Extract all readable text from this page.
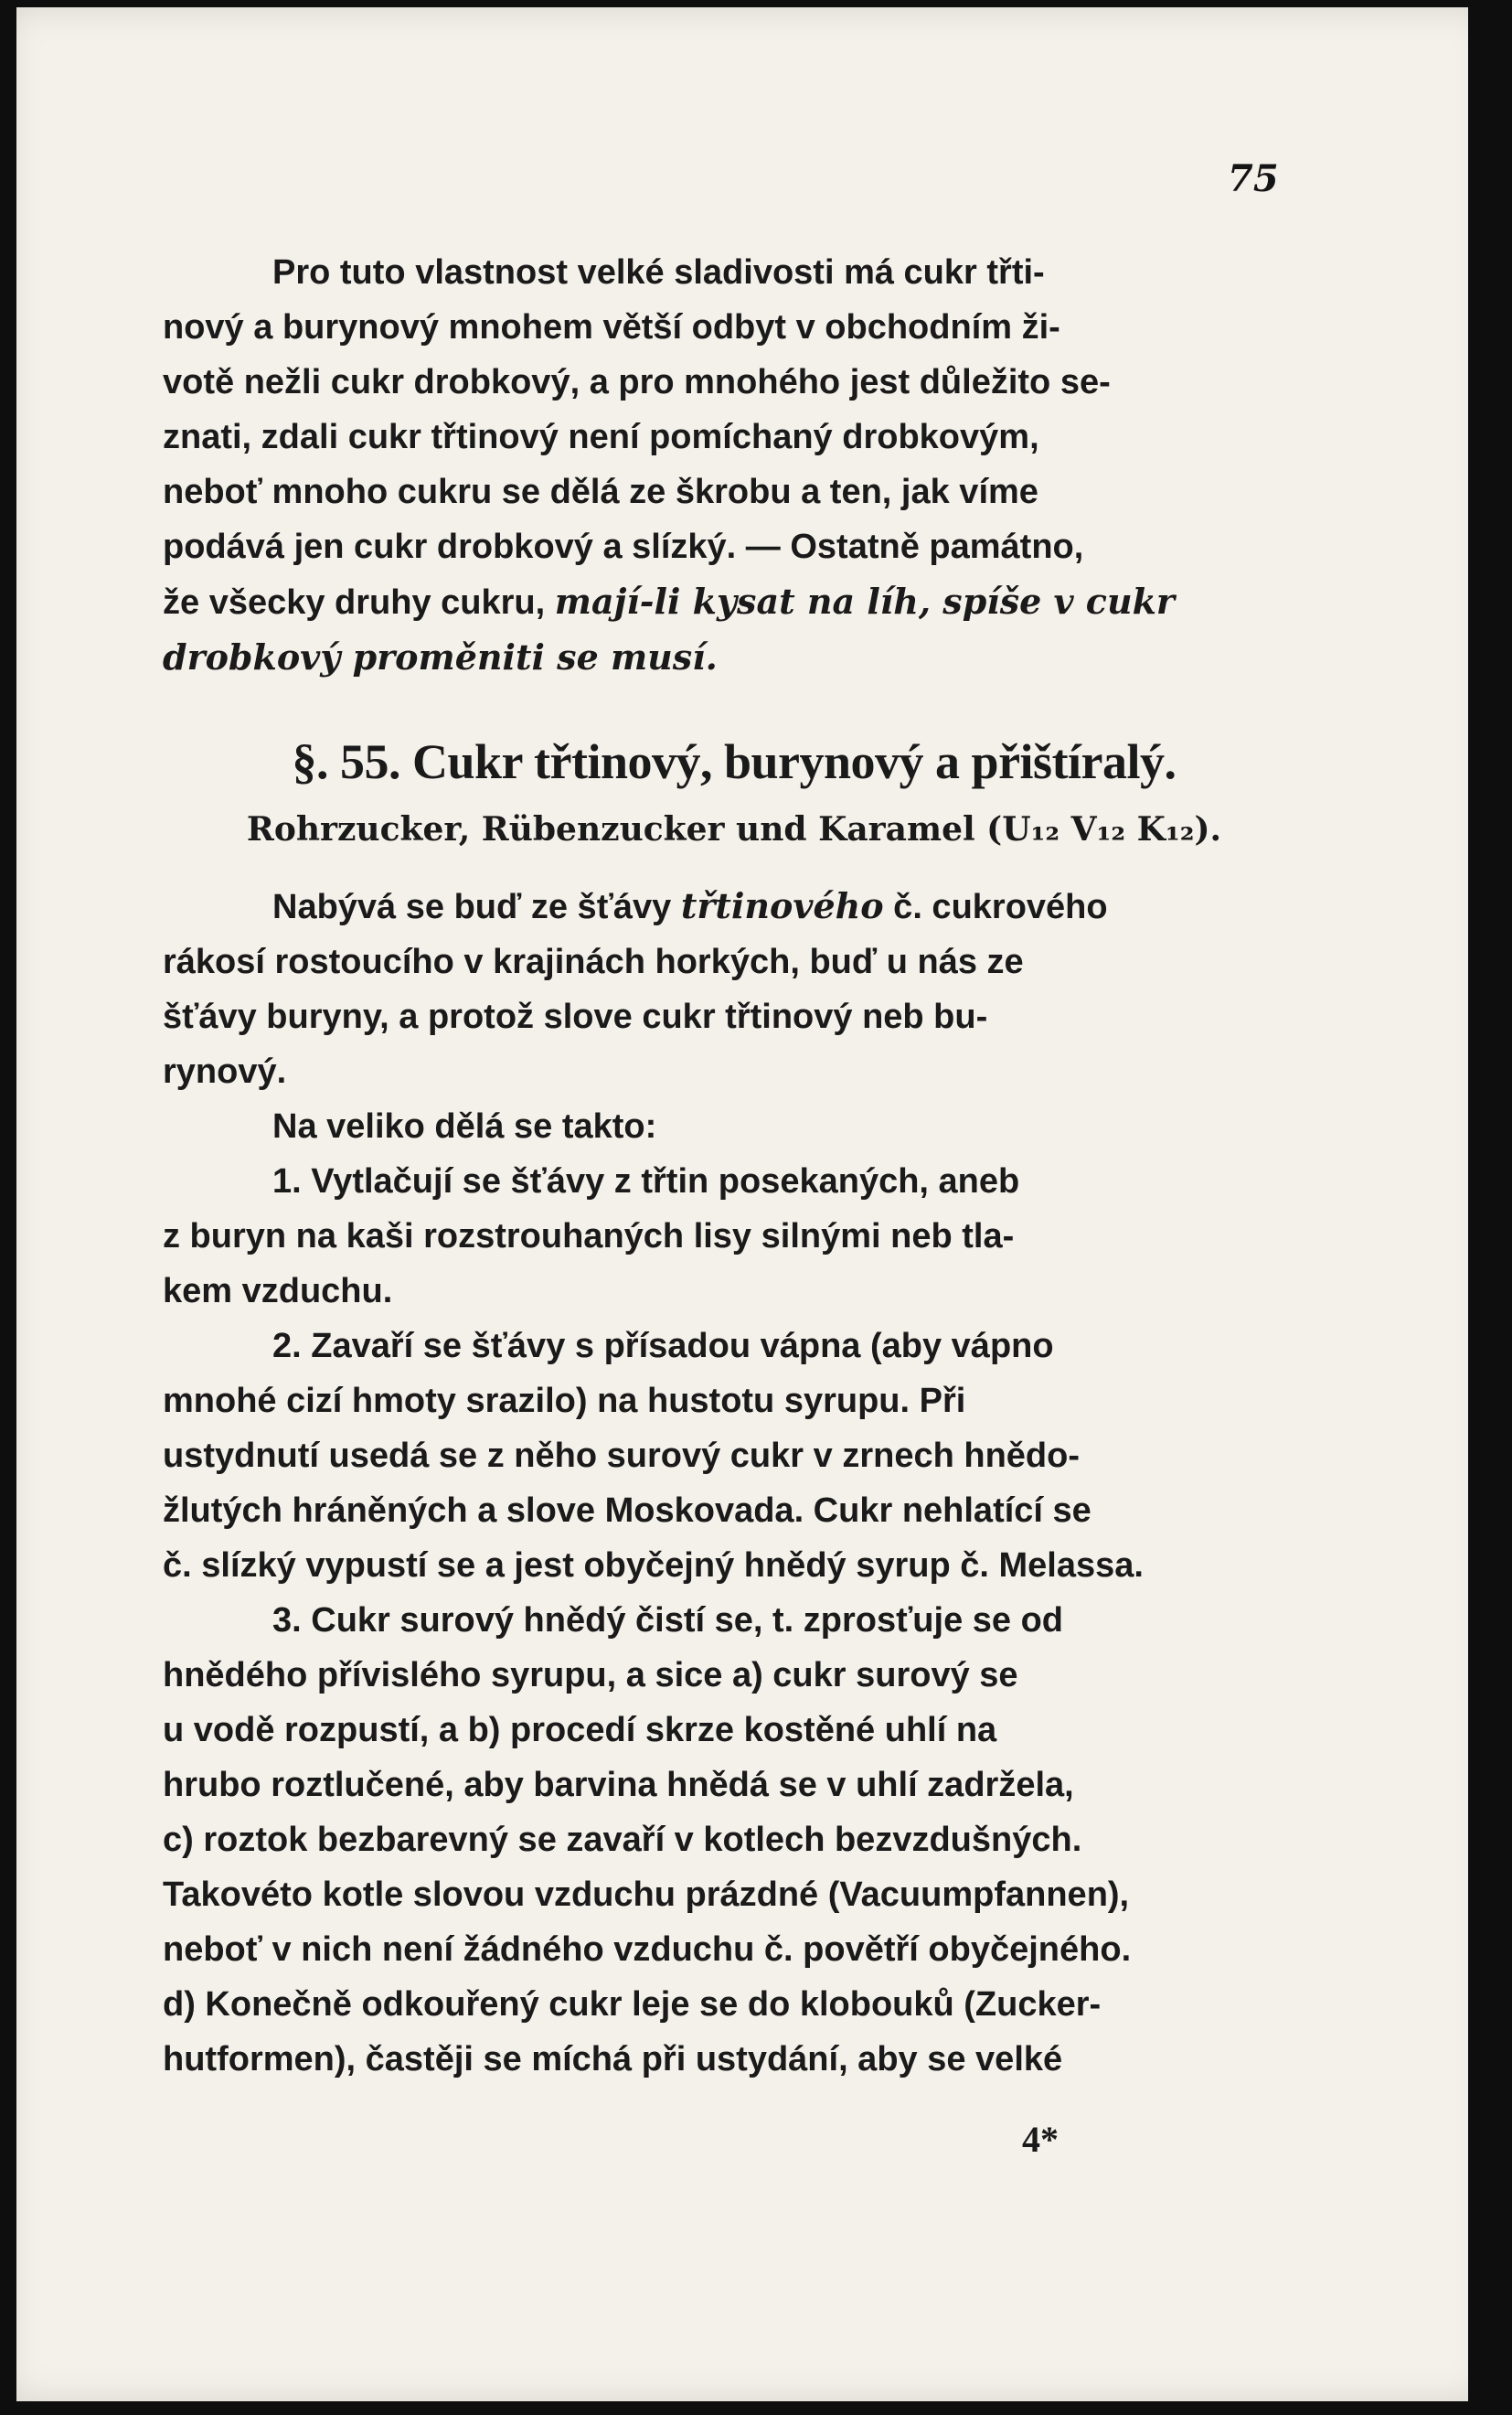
75
Pro tuto vlastnost velké sladivosti má cukr třti-
nový a burynový mnohem větší odbyt v obchodním ži-
votě nežli cukr drobkový, a pro mnohého jest důležito se-
znati, zdali cukr třtinový není pomíchaný drobkovým,
neboť mnoho cukru se dělá ze škrobu a ten, jak víme
podává jen cukr drobkový a slízký. — Ostatně památno,
že všecky druhy cukru, mají-li kysat na líh, spíše v cukr
drobkový proměniti se musí.
§. 55. Cukr třtinový, burynový a přištíralý.
Rohrzucker, Rübenzucker und Karamel (U₁₂ V₁₂ K₁₂).
Nabývá se buď ze šťávy třtinového č. cukrového
rákosí rostoucího v krajinách horkých, buď u nás ze
šťávy buryny, a protož slove cukr třtinový neb bu-
rynový.
Na veliko dělá se takto:
1. Vytlačují se šťávy z třtin posekaných, aneb
z buryn na kaši rozstrouhaných lisy silnými neb tla-
kem vzduchu.
2. Zavaří se šťávy s přísadou vápna (aby vápno
mnohé cizí hmoty srazilo) na hustotu syrupu. Při
ustydnutí usedá se z něho surový cukr v zrnech hnědo-
žlutých hráněných a slove Moskovada. Cukr nehlatící se
č. slízký vypustí se a jest obyčejný hnědý syrup č. Melassa.
3. Cukr surový hnědý čistí se, t. zprosťuje se od
hnědého přívislého syrupu, a sice a) cukr surový se
u vodě rozpustí, a b) procedí skrze kostěné uhlí na
hrubo roztlučené, aby barvina hnědá se v uhlí zadržela,
c) roztok bezbarevný se zavaří v kotlech bezvzdušných.
Takovéto kotle slovou vzduchu prázdné (Vacuumpfannen),
neboť v nich není žádného vzduchu č. povětří obyčejného.
d) Konečně odkouřený cukr leje se do klobouků (Zucker-
hutformen), častěji se míchá při ustydání, aby se velké
4*
